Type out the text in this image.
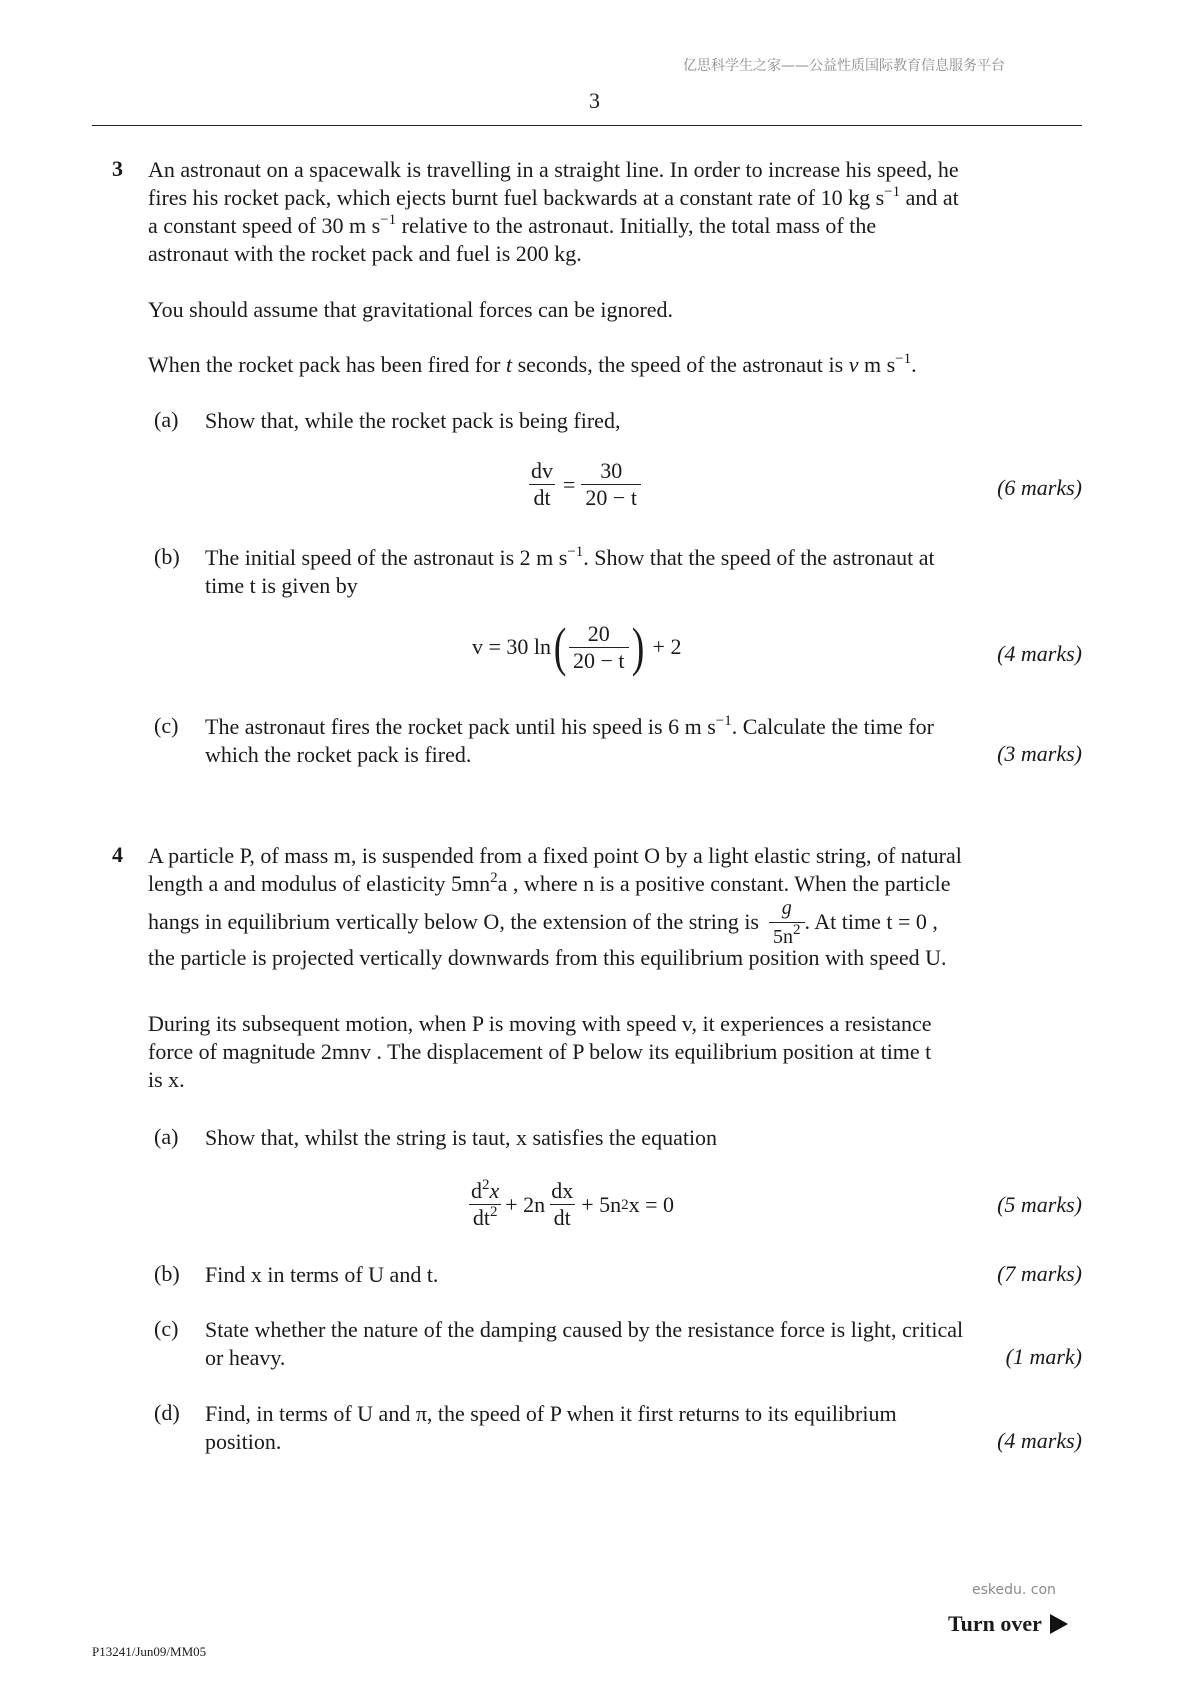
亿思科学生之家——公益性质国际教育信息服务平台
3
3 An astronaut on a spacewalk is travelling in a straight line. In order to increase his speed, he
fires his rocket pack, which ejects burnt fuel backwards at a constant rate of 10 kg $s^{-1}$ and at
a constant speed of 30 m $s^{-1}$ relative to the astronaut. Initially, the total mass of the
astronaut with the rocket pack and fuel is 200 kg.
You should assume that gravitational forces can be ignored.
When the rocket pack has been fired for t seconds, the speed of the astronaut is v m $s^{-1}$.
(a) Show that, while the rocket pack is being fired,
$\frac{dv}{dt} = \frac{30}{20 - t}$	(6 marks)
(b) The initial speed of the astronaut is 2 m $s^{-1}$. Show that the speed of the astronaut at
time t is given by
v = 30 ln ( $\frac{20}{20 - t}$ ) + 2	(4 marks)
(c) The astronaut fires the rocket pack until his speed is 6 m $s^{-1}$. Calculate the time for
which the rocket pack is fired.	(3 marks)
4 A particle P, of mass m, is suspended from a fixed point O by a light elastic string, of natural
length a and modulus of elasticity $5mn^2a$ , where n is a positive constant. When the particle
hangs in equilibrium vertically below O, the extension of the string is $\frac{g}{5n^2}$ . At time t = 0 ,
the particle is projected vertically downwards from this equilibrium position with speed U.
During its subsequent motion, when P is moving with speed v, it experiences a resistance
force of magnitude 2mnv . The displacement of P below its equilibrium position at time t
is x.
(a) Show that, whilst the string is taut, x satisfies the equation
$\frac{d^2x}{dt^2} + 2n \frac{dx}{dt} + 5n$ 2 x = 0	(5 marks)
(b) Find x in terms of U and t.	(7 marks)
(c) State whether the nature of the damping caused by the resistance force is light, critical
or heavy.	(1 mark)
(d) Find, in terms of U and π, the speed of P when it first returns to its equilibrium
position.	(4 marks)
eskedu. con
Turn over
P13241/Jun09/MM05
